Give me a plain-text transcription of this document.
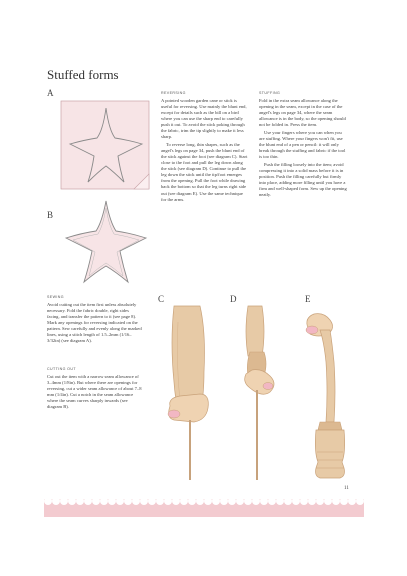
Stuffed forms
A
B
REVERSING

A pointed wooden garden cane or stick is useful for reversing. Use mainly the blunt end, except for details such as the bill on a bird where you can use the sharp end to carefully push it out. To avoid the stick poking through the fabric, trim the tip slightly to make it less sharp.

To reverse long, thin shapes, such as the angel's legs on page 34, push the blunt end of the stick against the foot (see diagram C). Start close to the foot and pull the leg down along the stick (see diagram D). Continue to pull the leg down the stick until the tip/foot emerges from the opening. Pull the foot while drawing back the bottom so that the leg turns right side out (see diagram E). Use the same technique for the arms.

STUFFING

Fold in the extra seam allowance along the opening in the seam, except in the case of the angel's legs on page 34, where the seam allowance is in the body, so the opening should not be folded in. Press the item.

Use your fingers where you can when you are stuffing. Where your fingers won't fit, use the blunt end of a pen or pencil: it will only break through the stuffing and fabric if the tool is too thin.

Push the filling loosely into the item; avoid compressing it into a solid mass before it is in position. Push the filling carefully but firmly into place, adding more filling until you have a firm and well-shaped form. Sew up the opening neatly.

SEWING

Avoid cutting out the item first unless absolutely necessary. Fold the fabric double, right sides facing, and transfer the pattern to it (see page 8). Mark any openings for reversing indicated on the pattern. Sew carefully and evenly along the marked lines, using a stitch length of 1.5–2mm (1/16–3/32in) (see diagram A).

CUTTING OUT

Cut out the item with a narrow seam allowance of 3–4mm (1/8in). But where there are openings for reversing, cut a wider seam allowance of about 7–8 mm (1/4in). Cut a notch in the seam allowance where the seam curves sharply inwards (see diagram B).

C	D	E
11
